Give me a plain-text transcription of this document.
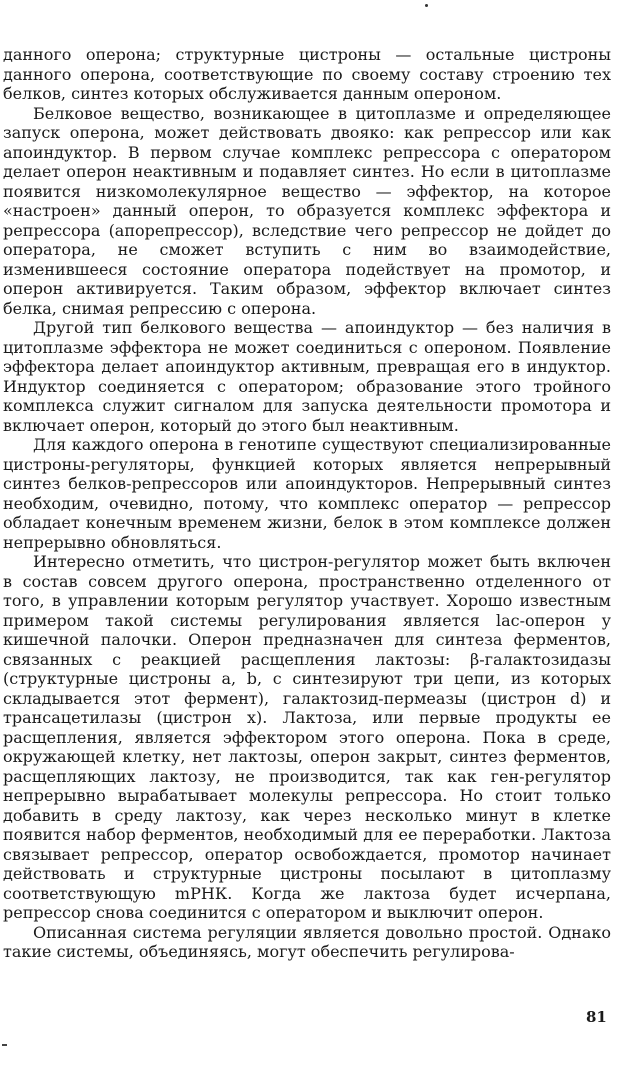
данного оперона; структурные цистроны — остальные цистроны данного оперона, соответствующие по своему составу строению тех белков, синтез которых обслуживается данным опероном.

Белковое вещество, возникающее в цитоплазме и определяющее запуск оперона, может действовать двояко: как репрессор или как апоиндуктор. В первом случае комплекс репрессора с оператором делает оперон неактивным и подавляет синтез. Но если в цитоплазме появится низкомолекулярное вещество — эффектор, на которое «настроен» данный оперон, то образуется комплекс эффектора и репрессора (апорепрессор), вследствие чего репрессор не дойдет до оператора, не сможет вступить с ним во взаимодействие, изменившееся состояние оператора подействует на промотор, и оперон активируется. Таким образом, эффектор включает синтез белка, снимая репрессию с оперона.

Другой тип белкового вещества — апоиндуктор — без наличия в цитоплазме эффектора не может соединиться с опероном. Появление эффектора делает апоиндуктор активным, превращая его в индуктор. Индуктор соединяется с оператором; образование этого тройного комплекса служит сигналом для запуска деятельности промотора и включает оперон, который до этого был неактивным.

Для каждого оперона в генотипе существуют специализированные цистроны-регуляторы, функцией которых является непрерывный синтез белков-репрессоров или апоиндукторов. Непрерывный синтез необходим, очевидно, потому, что комплекс оператор — репрессор обладает конечным временем жизни, белок в этом комплексе должен непрерывно обновляться.

Интересно отметить, что цистрон-регулятор может быть включен в состав совсем другого оперона, пространственно отделенного от того, в управлении которым регулятор участвует. Хорошо известным примером такой системы регулирования является lac-оперон у кишечной палочки. Оперон предназначен для синтеза ферментов, связанных с реакцией расщепления лактозы: β-галактозидазы (структурные цистроны a, b, c синтезируют три цепи, из которых складывается этот фермент), галактозид-пермеазы (цистрон d) и трансацетилазы (цистрон x). Лактоза, или первые продукты ее расщепления, является эффектором этого оперона. Пока в среде, окружающей клетку, нет лактозы, оперон закрыт, синтез ферментов, расщепляющих лактозу, не производится, так как ген-регулятор непрерывно вырабатывает молекулы репрессора. Но стоит только добавить в среду лактозу, как через несколько минут в клетке появится набор ферментов, необходимый для ее переработки. Лактоза связывает репрессор, оператор освобождается, промотор начинает действовать и структурные цистроны посылают в цитоплазму соответствующую mРНК. Когда же лактоза будет исчерпана, репрессор снова соединится с оператором и выключит оперон.

Описанная система регуляции является довольно простой. Однако такие системы, объединяясь, могут обеспечить регулирова-

81
